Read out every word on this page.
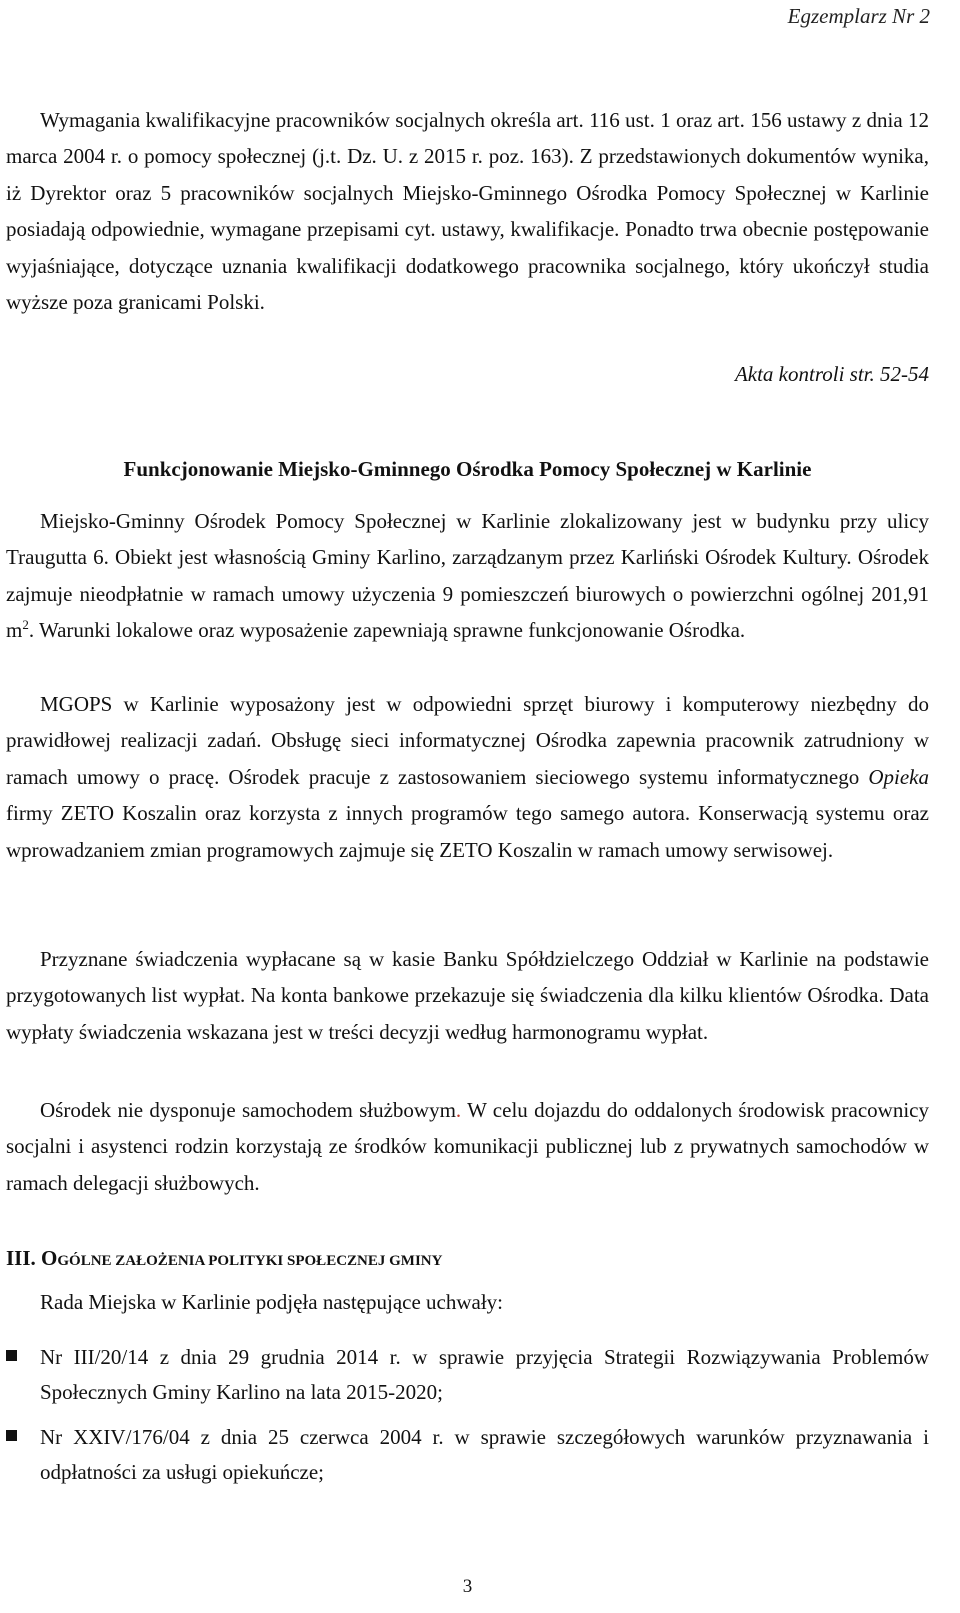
Egzemplarz Nr 2

Wymagania kwalifikacyjne pracowników socjalnych określa art. 116 ust. 1 oraz art. 156 ustawy z dnia 12 marca 2004 r. o pomocy społecznej (j.t. Dz. U. z 2015 r. poz. 163). Z przedstawionych dokumentów wynika, iż Dyrektor oraz 5 pracowników socjalnych Miejsko-Gminnego Ośrodka Pomocy Społecznej w Karlinie posiadają odpowiednie, wymagane przepisami cyt. ustawy, kwalifikacje. Ponadto trwa obecnie postępowanie wyjaśniające, dotyczące uznania kwalifikacji dodatkowego pracownika socjalnego, który ukończył studia wyższe poza granicami Polski.

Akta kontroli str. 52-54
Funkcjonowanie Miejsko-Gminnego Ośrodka Pomocy Społecznej w Karlinie

Miejsko-Gminny Ośrodek Pomocy Społecznej w Karlinie zlokalizowany jest w budynku przy ulicy Traugutta 6. Obiekt jest własnością Gminy Karlino, zarządzanym przez Karliński Ośrodek Kultury. Ośrodek zajmuje nieodpłatnie w ramach umowy użyczenia 9 pomieszczeń biurowych o powierzchni ogólnej 201,91 $m^2$. Warunki lokalowe oraz wyposażenie zapewniają sprawne funkcjonowanie Ośrodka.

MGOPS w Karlinie wyposażony jest w odpowiedni sprzęt biurowy i komputerowy niezbędny do prawidłowej realizacji zadań. Obsługę sieci informatycznej Ośrodka zapewnia pracownik zatrudniony w ramach umowy o pracę. Ośrodek pracuje z zastosowaniem sieciowego systemu informatycznego Opieka firmy ZETO Koszalin oraz korzysta z innych programów tego samego autora. Konserwacją systemu oraz wprowadzaniem zmian programowych zajmuje się ZETO Koszalin w ramach umowy serwisowej.

Przyznane świadczenia wypłacane są w kasie Banku Spółdzielczego Oddział w Karlinie na podstawie przygotowanych list wypłat. Na konta bankowe przekazuje się świadczenia dla kilku klientów Ośrodka. Data wypłaty świadczenia wskazana jest w treści decyzji według harmonogramu wypłat.

Ośrodek nie dysponuje samochodem służbowym. W celu dojazdu do oddalonych środowisk pracownicy socjalni i asystenci rodzin korzystają ze środków komunikacji publicznej lub z prywatnych samochodów w ramach delegacji służbowych.

III. OGÓLNE ZAŁOŻENIA POLITYKI SPOŁECZNEJ GMINY
Rada Miejska w Karlinie podjęła następujące uchwały:
Nr III/20/14 z dnia 29 grudnia 2014 r. w sprawie przyjęcia Strategii Rozwiązywania Problemów Społecznych Gminy Karlino na lata 2015-2020;
Nr XXIV/176/04 z dnia 25 czerwca 2004 r. w sprawie szczegółowych warunków przyznawania i odpłatności za usługi opiekuńcze;
3
